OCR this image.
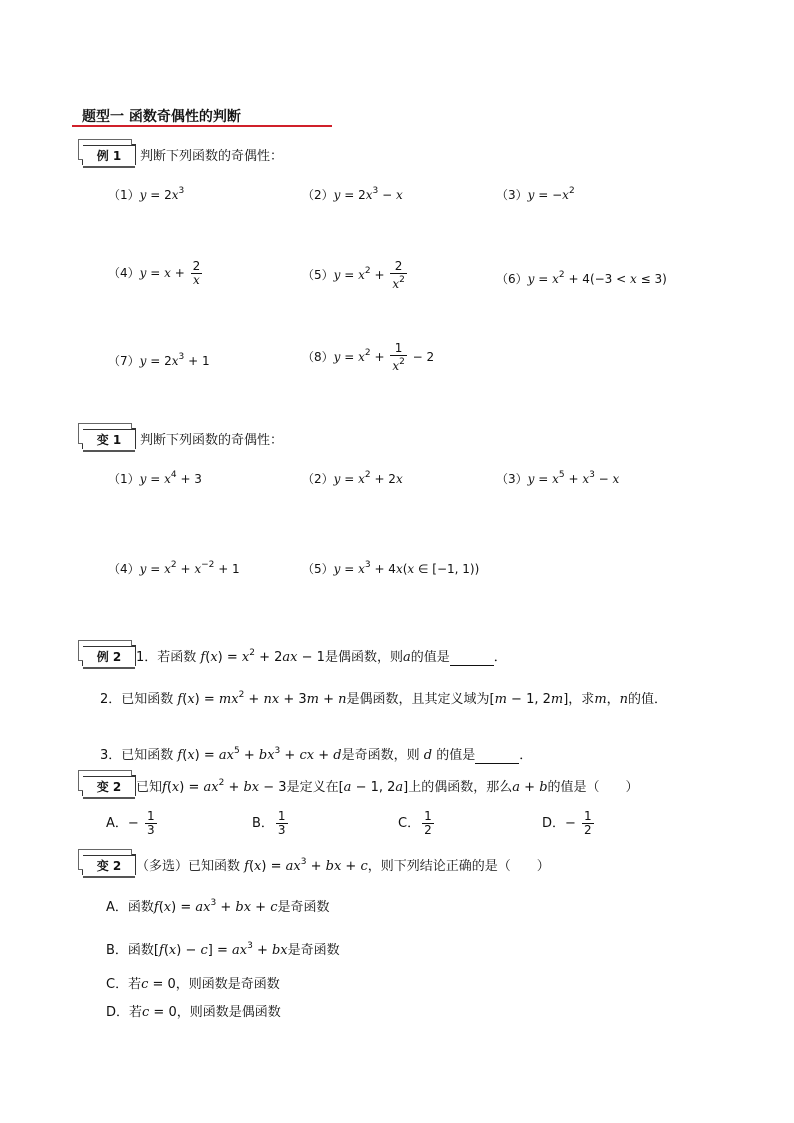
题型一 函数奇偶性的判断
例 1	判断下列函数的奇偶性：
$(1)y = 2x^3$	$(2)y = 2x^3 - x$	$(3)y = -x^2$
$(4)y = x + \frac{2}{x}$	$(5)y = x^2 + \frac{2}{x^2}$	$(6)y = x^2 + 4(-3 < x \le 3)$
$(7)y = 2x^3 + 1$	$(8)y = x^2 + \frac{1}{x^2} - 2$
变 1	判断下列函数的奇偶性：
$(1)y = x^4 + 3$	$(2)y = x^2 + 2x$	$(3)y = x^5 + x^3 - x$
$(4)y = x^2 + x^{-2} + 1$	$(5)y = x^3 + 4x(x$ ∈ [−1, 1))
例 2	1．若函数 $f(x) = x^2 + 2ax - 1$是偶函数，则a的值是	．
2．已知函数 $f(x) = mx^2$ + nx + 3m + n是偶函数，且其定义域为[m − 1, 2m]，求m，n的值．
3．已知函数 $f(x) = ax^5 + bx^3$ + cx + d是奇函数，则 d 的值是	．
变 2	已知$f(x) = ax^2$ + bx − 3是定义在[a − 1, 2a]上的偶函数，那么a + b的值是（　　）
A．− $\frac{1}{3}$	B． $\frac{1}{3}$	C． $\frac{1}{2}$	D．− $\frac{1}{2}$
变 2	（多选）已知函数 $f(x) = ax^3$ + bx + c，则下列结论正确的是（　　）
A．函数$f(x) = ax^3$ + bx + c是奇函数
B．函数$[f(x) - c] = ax^3$ + bx是奇函数
C．若c = 0，则函数是奇函数
D．若c = 0，则函数是偶函数
